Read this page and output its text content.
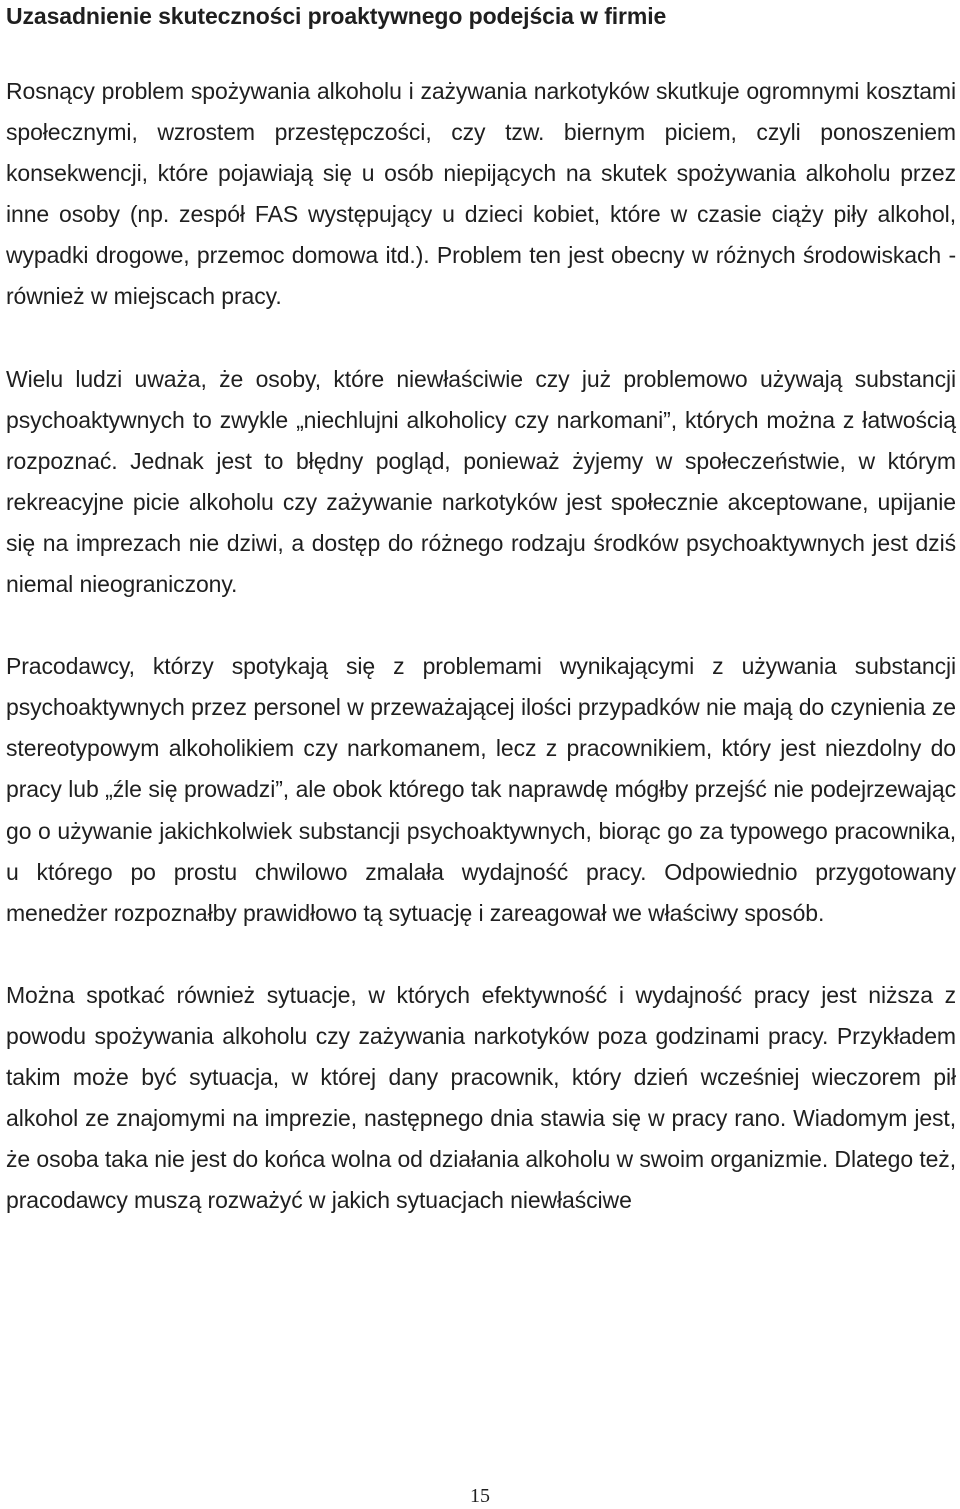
Uzasadnienie skuteczności proaktywnego podejścia w firmie

Rosnący problem spożywania alkoholu i zażywania narkotyków skutkuje ogromnymi kosztami społecznymi, wzrostem przestępczości, czy tzw. biernym piciem, czyli ponoszeniem konsekwencji, które pojawiają się u osób niepijących na skutek spożywania alkoholu przez inne osoby (np. zespół FAS występujący u dzieci kobiet, które w czasie ciąży piły alkohol, wypadki drogowe, przemoc domowa itd.). Problem ten jest obecny w różnych środowiskach - również w miejscach pracy.

Wielu ludzi uważa, że osoby, które niewłaściwie czy już problemowo używają substancji psychoaktywnych to zwykle „niechlujni alkoholicy czy narkomani”, których można z łatwością rozpoznać. Jednak jest to błędny pogląd, ponieważ żyjemy w społeczeństwie, w którym rekreacyjne picie alkoholu czy zażywanie narkotyków jest społecznie akceptowane, upijanie się na imprezach nie dziwi, a dostęp do różnego rodzaju środków psychoaktywnych jest dziś niemal nieograniczony.

Pracodawcy, którzy spotykają się z problemami wynikającymi z używania substancji psychoaktywnych przez personel w przeważającej ilości przypadków nie mają do czynienia ze stereotypowym alkoholikiem czy narkomanem, lecz z pracownikiem, który jest niezdolny do pracy lub „źle się prowadzi”, ale obok którego tak naprawdę mógłby przejść nie podejrzewając go o używanie jakichkolwiek substancji psychoaktywnych, biorąc go za typowego pracownika, u którego po prostu chwilowo zmalała wydajność pracy. Odpowiednio przygotowany menedżer rozpoznałby prawidłowo tą sytuację i zareagował we właściwy sposób.

Można spotkać również sytuacje, w których efektywność i wydajność pracy jest niższa z powodu spożywania alkoholu czy zażywania narkotyków poza godzinami pracy. Przykładem takim może być sytuacja, w której dany pracownik, który dzień wcześniej wieczorem pił alkohol ze znajomymi na imprezie, następnego dnia stawia się w pracy rano. Wiadomym jest, że osoba taka nie jest do końca wolna od działania alkoholu w swoim organizmie. Dlatego też, pracodawcy muszą rozważyć w jakich sytuacjach niewłaściwe

15
